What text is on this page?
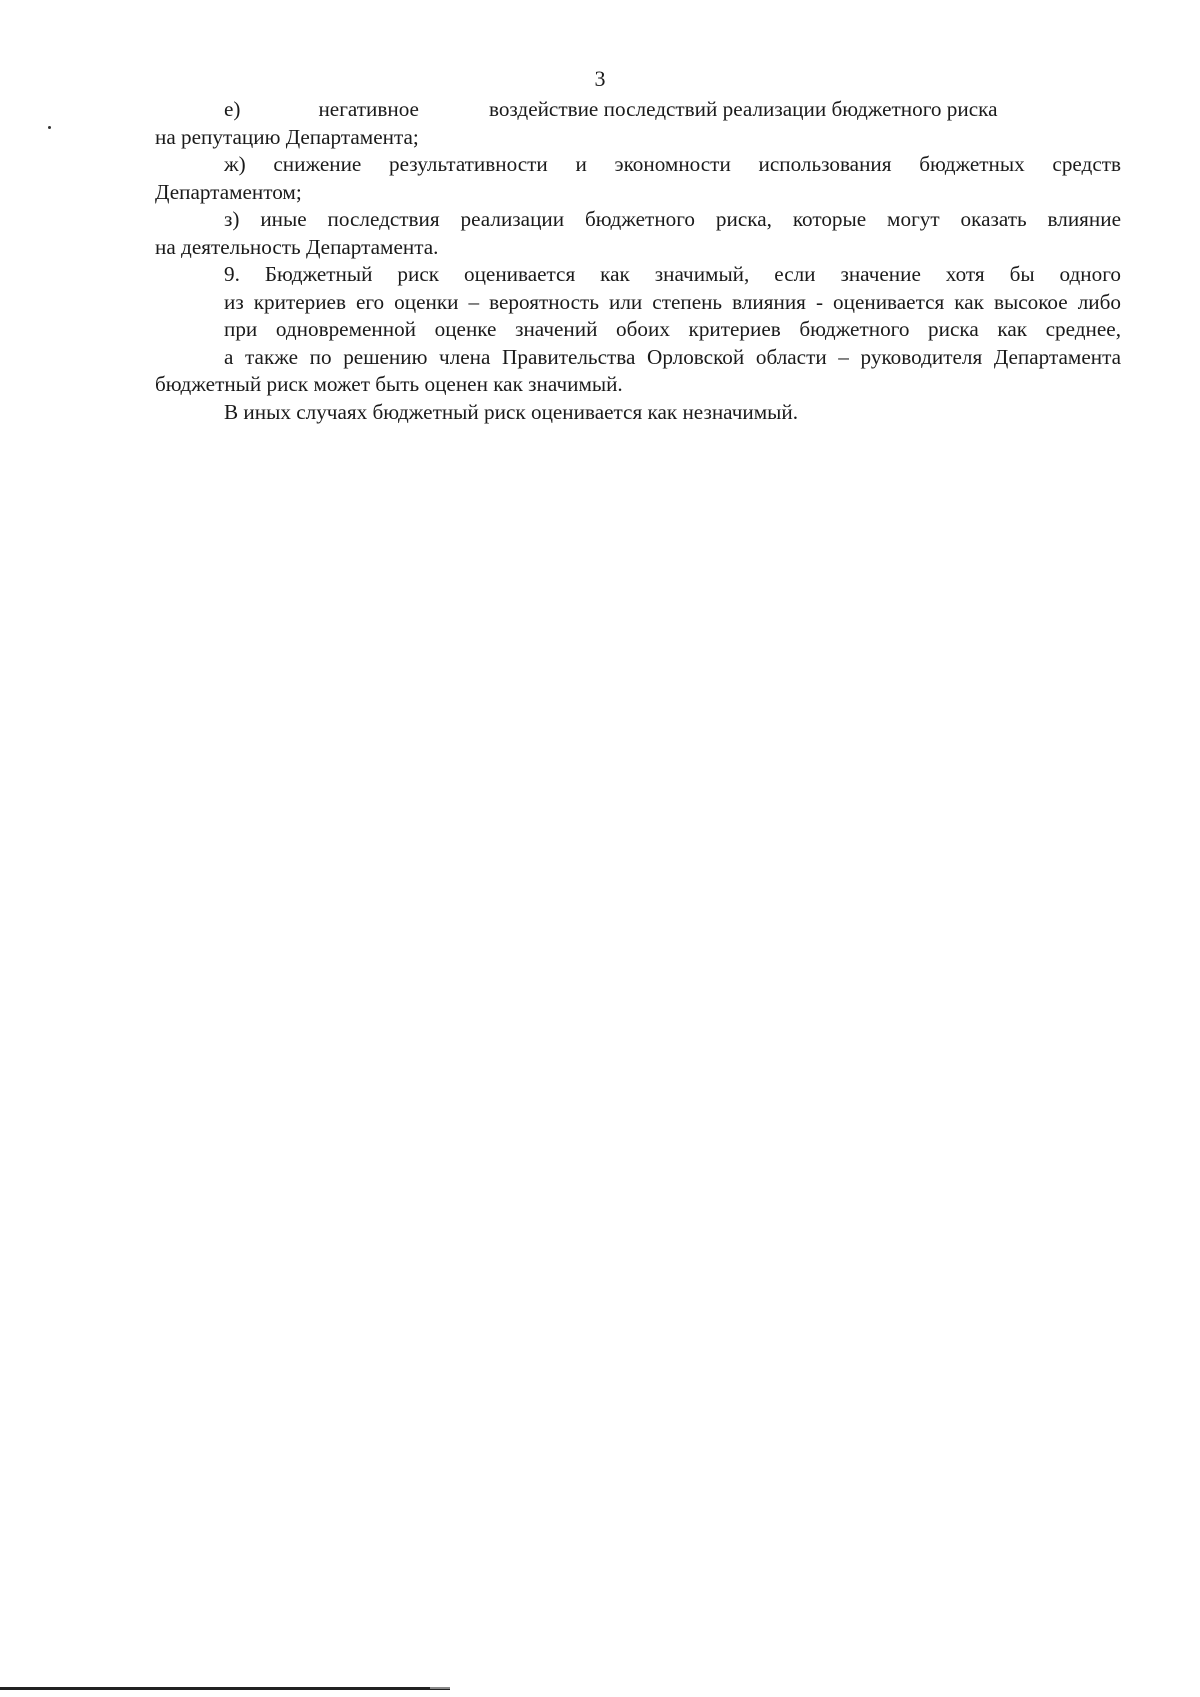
3

е)	негативное	воздействие последствий реализации бюджетного риска

на репутацию Департамента;

ж) снижение результативности и экономности использования бюджетных средств
Департаментом;

з) иные последствия реализации бюджетного риска, которые могут оказать влияние
на деятельность Департамента.

9. Бюджетный риск оценивается как значимый, если значение хотя бы одного
из критериев его оценки – вероятность или степень влияния - оценивается как высокое либо
при одновременной оценке значений обоих критериев бюджетного риска как среднее,
а также по решению члена Правительства Орловской области – руководителя Департамента
бюджетный риск может быть оценен как значимый.

В иных случаях бюджетный риск оценивается как незначимый.
